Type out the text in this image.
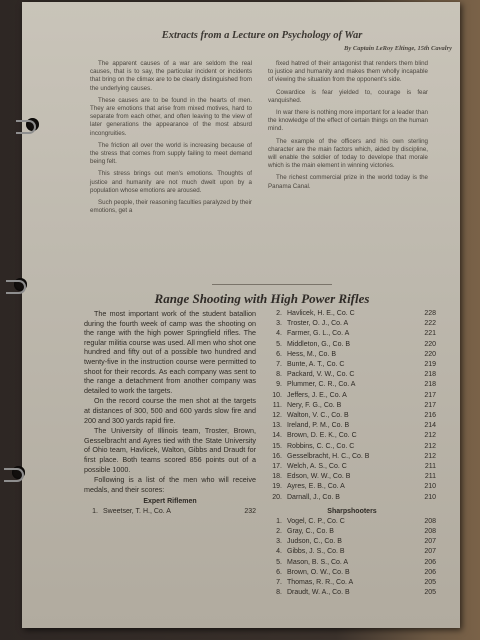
Extracts from a Lecture on Psychology of War
By Captain LeRoy Eltinge, 15th Cavalry

The apparent causes of a war are seldom the real causes, that is to say, the particular incident or incidents that bring on the climax are to be clearly distinguished from the underlying causes.

These causes are to be found in the hearts of men. They are emotions that arise from mixed motives, hard to separate from each other, and often leaving to the view of later generations the appearance of the most absurd incongruities.

The friction all over the world is increasing because of the stress that comes from supply failing to meet demand being felt.

This stress brings out men's emotions. Thoughts of justice and humanity are not much dwelt upon by a population whose emotions are aroused.

Such people, their reasoning faculties paralyzed by their emotions, get a

fixed hatred of their antagonist that renders them blind to justice and humanity and makes them wholly incapable of viewing the situation from the opponent's side.

Cowardice is fear yielded to, courage is fear vanquished.

In war there is nothing more important for a leader than the knowledge of the effect of certain things on the human mind.

The example of the officers and his own sterling character are the main factors which, aided by discipline, will enable the soldier of today to develope that morale which is the main element in winning victories.

The richest commercial prize in the world today is the Panama Canal.

Range Shooting with High Power Rifles

The most important work of the student batallion during the fourth week of camp was the shooting on the range with the high power Springfield rifles. The regular militia course was used. All men who shot one hundred and fifty out of a possible two hundred and twenty-five in the instruction course were permitted to shoot for their records. As each company was sent to the range a detachment from another company was detailed to work the targets.

On the record course the men shot at the targets at distances of 300, 500 and 600 yards slow fire and 200 and 300 yards rapid fire.

The University of Illinois team, Troster, Brown, Gesselbracht and Ayres tied with the State University of Ohio team, Havlicek, Walton, Gibbs and Draudt for first place. Both teams scored 856 points out of a possible 1000.

Following is a list of the men who will receive medals, and their scores:

Expert Riflemen
1. Sweetser, T. H., Co. A	232
2. Havlicek, H. E., Co. C	228
3. Troster, O. J., Co. A	222
4. Farmer, G. L., Co. A	221
5. Middleton, G., Co. B	220
6. Hess, M., Co. B	220
7. Bunte, A. T., Co. C	219
8. Packard, V. W., Co. C	218
9. Plummer, C. R., Co. A	218
10. Jeffers, J. E., Co. A	217
11. Nery, F. G., Co. B	217
12. Walton, V. C., Co. B	216
13. Ireland, P. M., Co. B	214
14. Brown, D. E. K., Co. C	212
15. Robbins, C. C., Co. C	212
16. Gesselbracht, H. C., Co. B	212
17. Welch, A. S., Co. C	211
18. Edson, W. W., Co. B	211
19. Ayres, E. B., Co. A	210
20. Darnall, J., Co. B	210
Sharpshooters
1. Vogel, C. P., Co. C	208
2. Gray, C., Co. B	208
3. Judson, C., Co. B	207
4. Gibbs, J. S., Co. B	207
5. Mason, B. S., Co. A	206
6. Brown, O. W., Co. B	206
7. Thomas, R. R., Co. A	205
8. Draudt, W. A., Co. B	205
